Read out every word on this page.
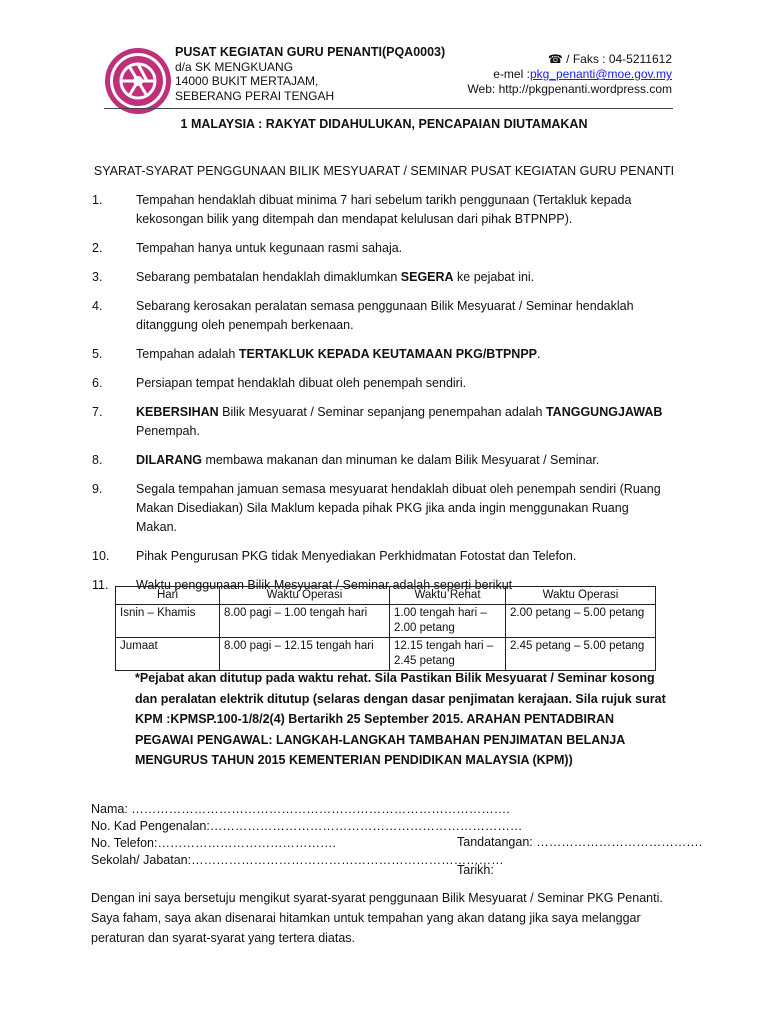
PUSAT KEGIATAN GURU PENANTI(PQA0003)
d/a SK MENGKUANG
14000 BUKIT MERTAJAM,
SEBERANG PERAI TENGAH
☎ / Faks : 04-5211612
e-mel :pkg_penanti@moe.gov.my
Web: http://pkgpenanti.wordpress.com
1 MALAYSIA : RAKYAT DIDAHULUKAN, PENCAPAIAN DIUTAMAKAN
SYARAT-SYARAT PENGGUNAAN BILIK MESYUARAT / SEMINAR PUSAT KEGIATAN GURU PENANTI
1.	Tempahan hendaklah dibuat minima 7 hari sebelum tarikh penggunaan (Tertakluk kepada kekosongan bilik yang ditempah dan mendapat kelulusan dari pihak BTPNPP).
2.	Tempahan hanya untuk kegunaan rasmi sahaja.
3.	Sebarang pembatalan hendaklah dimaklumkan SEGERA ke pejabat ini.
4.	Sebarang kerosakan peralatan semasa penggunaan Bilik Mesyuarat / Seminar hendaklah ditanggung oleh penempah berkenaan.
5.	Tempahan adalah TERTAKLUK KEPADA KEUTAMAAN PKG/BTPNPP.
6.	Persiapan tempat hendaklah dibuat oleh penempah sendiri.
7.	KEBERSIHAN Bilik Mesyuarat / Seminar sepanjang penempahan adalah TANGGUNGJAWAB Penempah.
8.	DILARANG membawa makanan dan minuman ke dalam Bilik Mesyuarat / Seminar.
9.	Segala tempahan jamuan semasa mesyuarat hendaklah dibuat oleh penempah sendiri (Ruang Makan Disediakan) Sila Maklum kepada pihak PKG jika anda ingin menggunakan Ruang Makan.
10.	Pihak Pengurusan PKG tidak Menyediakan Perkhidmatan Fotostat dan Telefon.
11.	Waktu penggunaan Bilik Mesyuarat / Seminar adalah seperti berikut
Hari	Waktu Operasi	Waktu Rehat	Waktu Operasi
Isnin – Khamis	8.00 pagi – 1.00 tengah hari	1.00 tengah hari – 2.00 petang	2.00 petang – 5.00 petang
Jumaat	8.00 pagi – 12.15 tengah hari	12.15 tengah hari – 2.45 petang	2.45 petang – 5.00 petang
*Pejabat akan ditutup pada waktu rehat. Sila Pastikan Bilik Mesyuarat / Seminar kosong dan peralatan elektrik ditutup (selaras dengan dasar penjimatan kerajaan. Sila rujuk surat KPM :KPMSP.100-1/8/2(4) Bertarikh 25 September 2015. ARAHAN PENTADBIRAN PEGAWAI PENGAWAL: LANGKAH-LANGKAH TAMBAHAN PENJIMATAN BELANJA MENGURUS TAHUN 2015 KEMENTERIAN PENDIDIKAN MALAYSIA (KPM))
Nama: ……………………………………………………………………………….
No. Kad Pengenalan:…………………………………………………………………
No. Telefon:…………………………………….
Sekolah/ Jabatan:…………………………………………………………………
Tandatangan: ………………………………….
Tarikh:
Dengan ini saya bersetuju mengikut syarat-syarat penggunaan Bilik Mesyuarat / Seminar PKG Penanti. Saya faham, saya akan disenarai hitamkan untuk tempahan yang akan datang jika saya melanggar peraturan dan syarat-syarat yang tertera diatas.
